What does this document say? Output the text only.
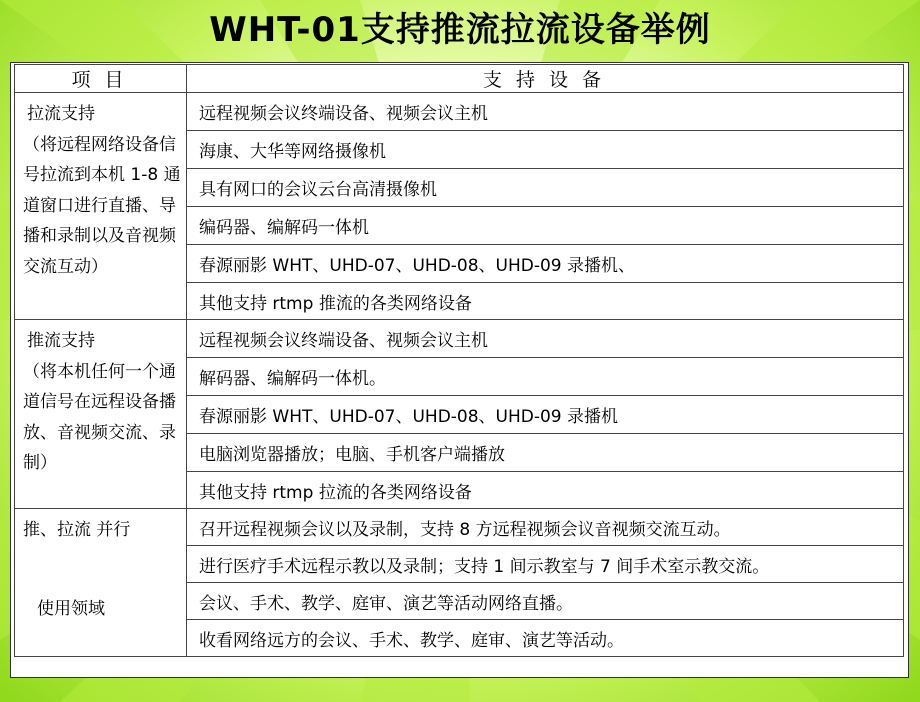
WHT-01支持推流拉流设备举例
项目	支持设备

拉流支持
（将远程网络设备信号拉流到本机 1-8 通道窗口进行直播、导播和录制以及音视频交流互动）	远程视频会议终端设备、视频会议主机
	海康、大华等网络摄像机
	具有网口的会议云台高清摄像机
	编码器、编解码一体机
	春源丽影 WHT、UHD-07、UHD-08、UHD-09 录播机、
	其他支持 rtmp 推流的各类网络设备

推流支持
（将本机任何一个通道信号在远程设备播放、音视频交流、录制）	远程视频会议终端设备、视频会议主机
	解码器、编解码一体机。
	春源丽影 WHT、UHD-07、UHD-08、UHD-09 录播机
	电脑浏览器播放；电脑、手机客户端播放
	其他支持 rtmp 拉流的各类网络设备
推、拉流 并行
使用领域	召开远程视频会议以及录制，支持 8 方远程视频会议音视频交流互动。
	进行医疗手术远程示教以及录制；支持 1 间示教室与 7 间手术室示教交流。
	会议、手术、教学、庭审、演艺等活动网络直播。
	收看网络远方的会议、手术、教学、庭审、演艺等活动。
